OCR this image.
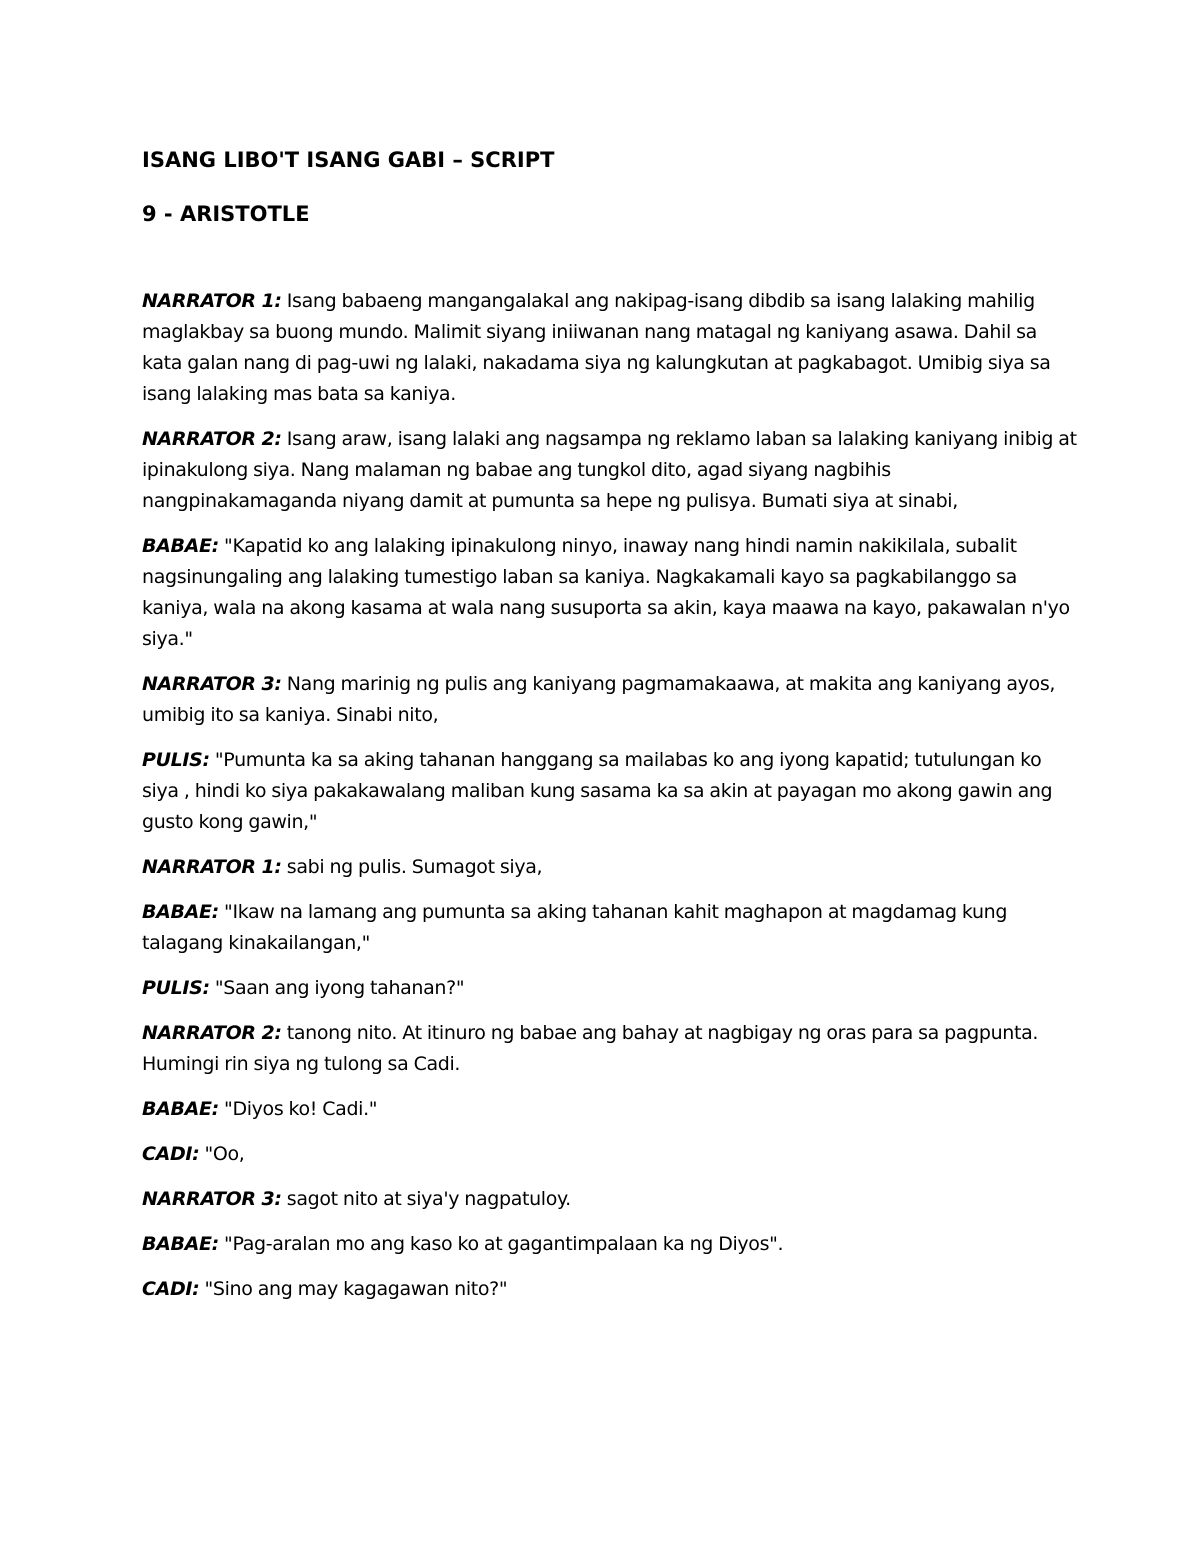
ISANG LIBO'T ISANG GABI – SCRIPT
9 - ARISTOTLE

NARRATOR 1: Isang babaeng mangangalakal ang nakipag-isang dibdib sa isang lalaking mahilig maglakbay sa buong mundo. Malimit siyang iniiwanan nang matagal ng kaniyang asawa. Dahil sa kata galan nang di pag-uwi ng lalaki, nakadama siya ng kalungkutan at pagkabagot. Umibig siya sa isang lalaking mas bata sa kaniya.

NARRATOR 2: Isang araw, isang lalaki ang nagsampa ng reklamo laban sa lalaking kaniyang inibig at ipinakulong siya. Nang malaman ng babae ang tungkol dito, agad siyang nagbihis nangpinakamaganda niyang damit at pumunta sa hepe ng pulisya. Bumati siya at sinabi,

BABAE: "Kapatid ko ang lalaking ipinakulong ninyo, inaway nang hindi namin nakikilala, subalit nagsinungaling ang lalaking tumestigo laban sa kaniya. Nagkakamali kayo sa pagkabilanggo sa kaniya, wala na akong kasama at wala nang susuporta sa akin, kaya maawa na kayo, pakawalan n'yo siya."

NARRATOR 3: Nang marinig ng pulis ang kaniyang pagmamakaawa, at makita ang kaniyang ayos, umibig ito sa kaniya. Sinabi nito,

PULIS: "Pumunta ka sa aking tahanan hanggang sa mailabas ko ang iyong kapatid; tutulungan ko siya , hindi ko siya pakakawalang maliban kung sasama ka sa akin at payagan mo akong gawin ang gusto kong gawin,"

NARRATOR 1: sabi ng pulis. Sumagot siya,

BABAE: "Ikaw na lamang ang pumunta sa aking tahanan kahit maghapon at magdamag kung talagang kinakailangan,"

PULIS: "Saan ang iyong tahanan?"

NARRATOR 2: tanong nito. At itinuro ng babae ang bahay at nagbigay ng oras para sa pagpunta. Humingi rin siya ng tulong sa Cadi.

BABAE: "Diyos ko! Cadi."

CADI: "Oo,

NARRATOR 3: sagot nito at siya'y nagpatuloy.

BABAE: "Pag-aralan mo ang kaso ko at gagantimpalaan ka ng Diyos".

CADI: "Sino ang may kagagawan nito?"
